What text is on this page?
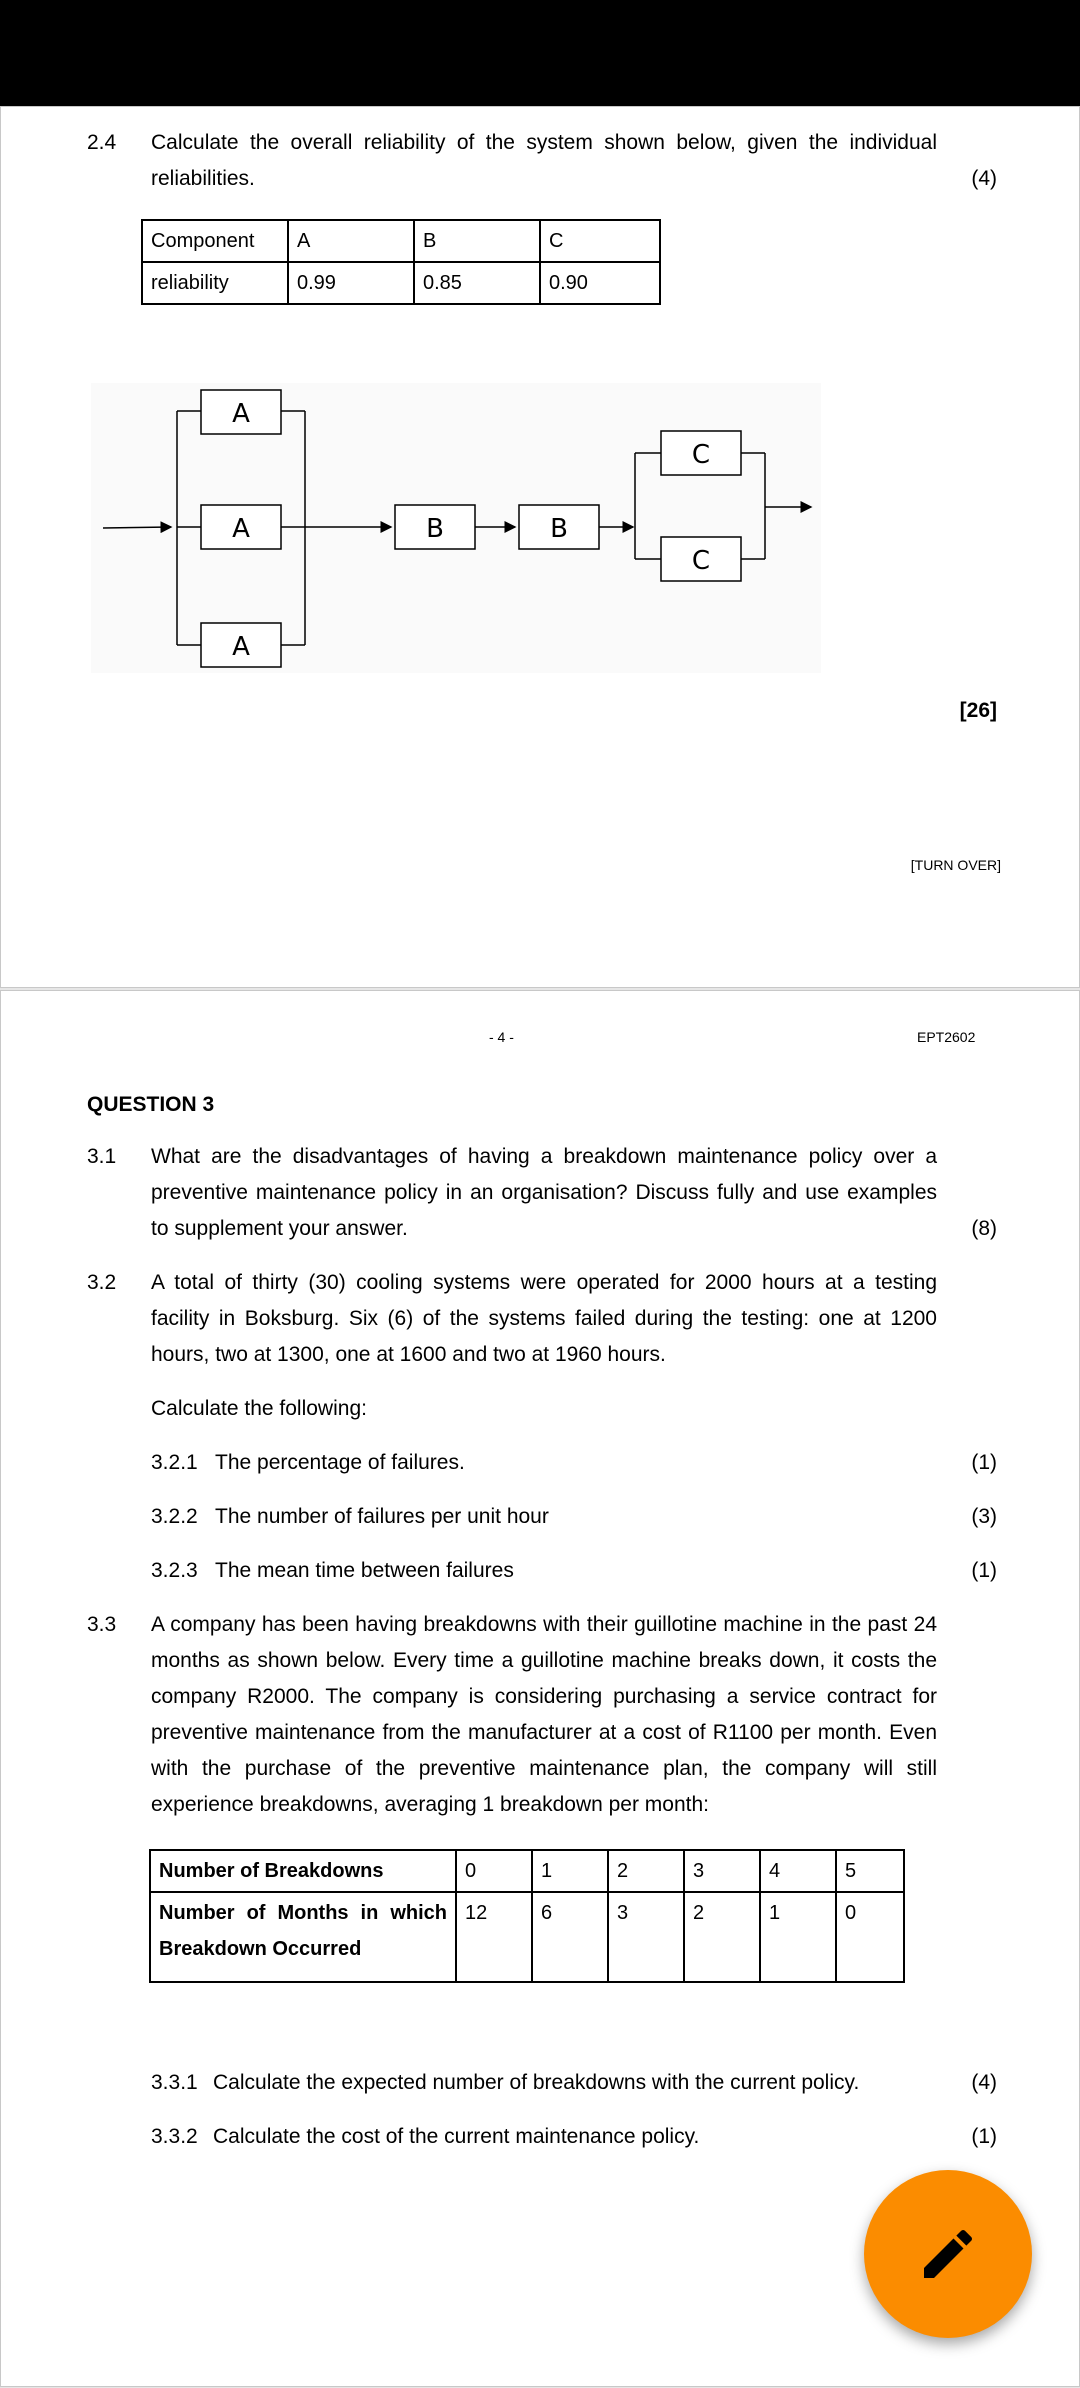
2.4 Calculate the overall reliability of the system shown below, given the individual
reliabilities.	(4)
Component	A	B	C
reliability	0.99	0.85	0.90
A
A
A
B	B
C
C
[26]
[TURN OVER]
- 4 -	EPT2602
QUESTION 3
3.1 What are the disadvantages of having a breakdown maintenance policy over a
preventive maintenance policy in an organisation? Discuss fully and use examples
to supplement your answer.	(8)
3.2 A total of thirty (30) cooling systems were operated for 2000 hours at a testing
facility in Boksburg. Six (6) of the systems failed during the testing: one at 1200
hours, two at 1300, one at 1600 and two at 1960 hours.
Calculate the following:
3.2.1 The percentage of failures.	(1)
3.2.2 The number of failures per unit hour	(3)
3.2.3 The mean time between failures	(1)
3.3 A company has been having breakdowns with their guillotine machine in the past 24
months as shown below. Every time a guillotine machine breaks down, it costs the
company R2000. The company is considering purchasing a service contract for
preventive maintenance from the manufacturer at a cost of R1100 per month. Even
with the purchase of the preventive maintenance plan, the company will still
experience breakdowns, averaging 1 breakdown per month:
Number of Breakdowns	0	1	2	3	4	5

Number of Months in which
Breakdown Occurred	12	6	3	2	1	0
3.3.1 Calculate the expected number of breakdowns with the current policy.	(4)
3.3.2 Calculate the cost of the current maintenance policy.	(1)
